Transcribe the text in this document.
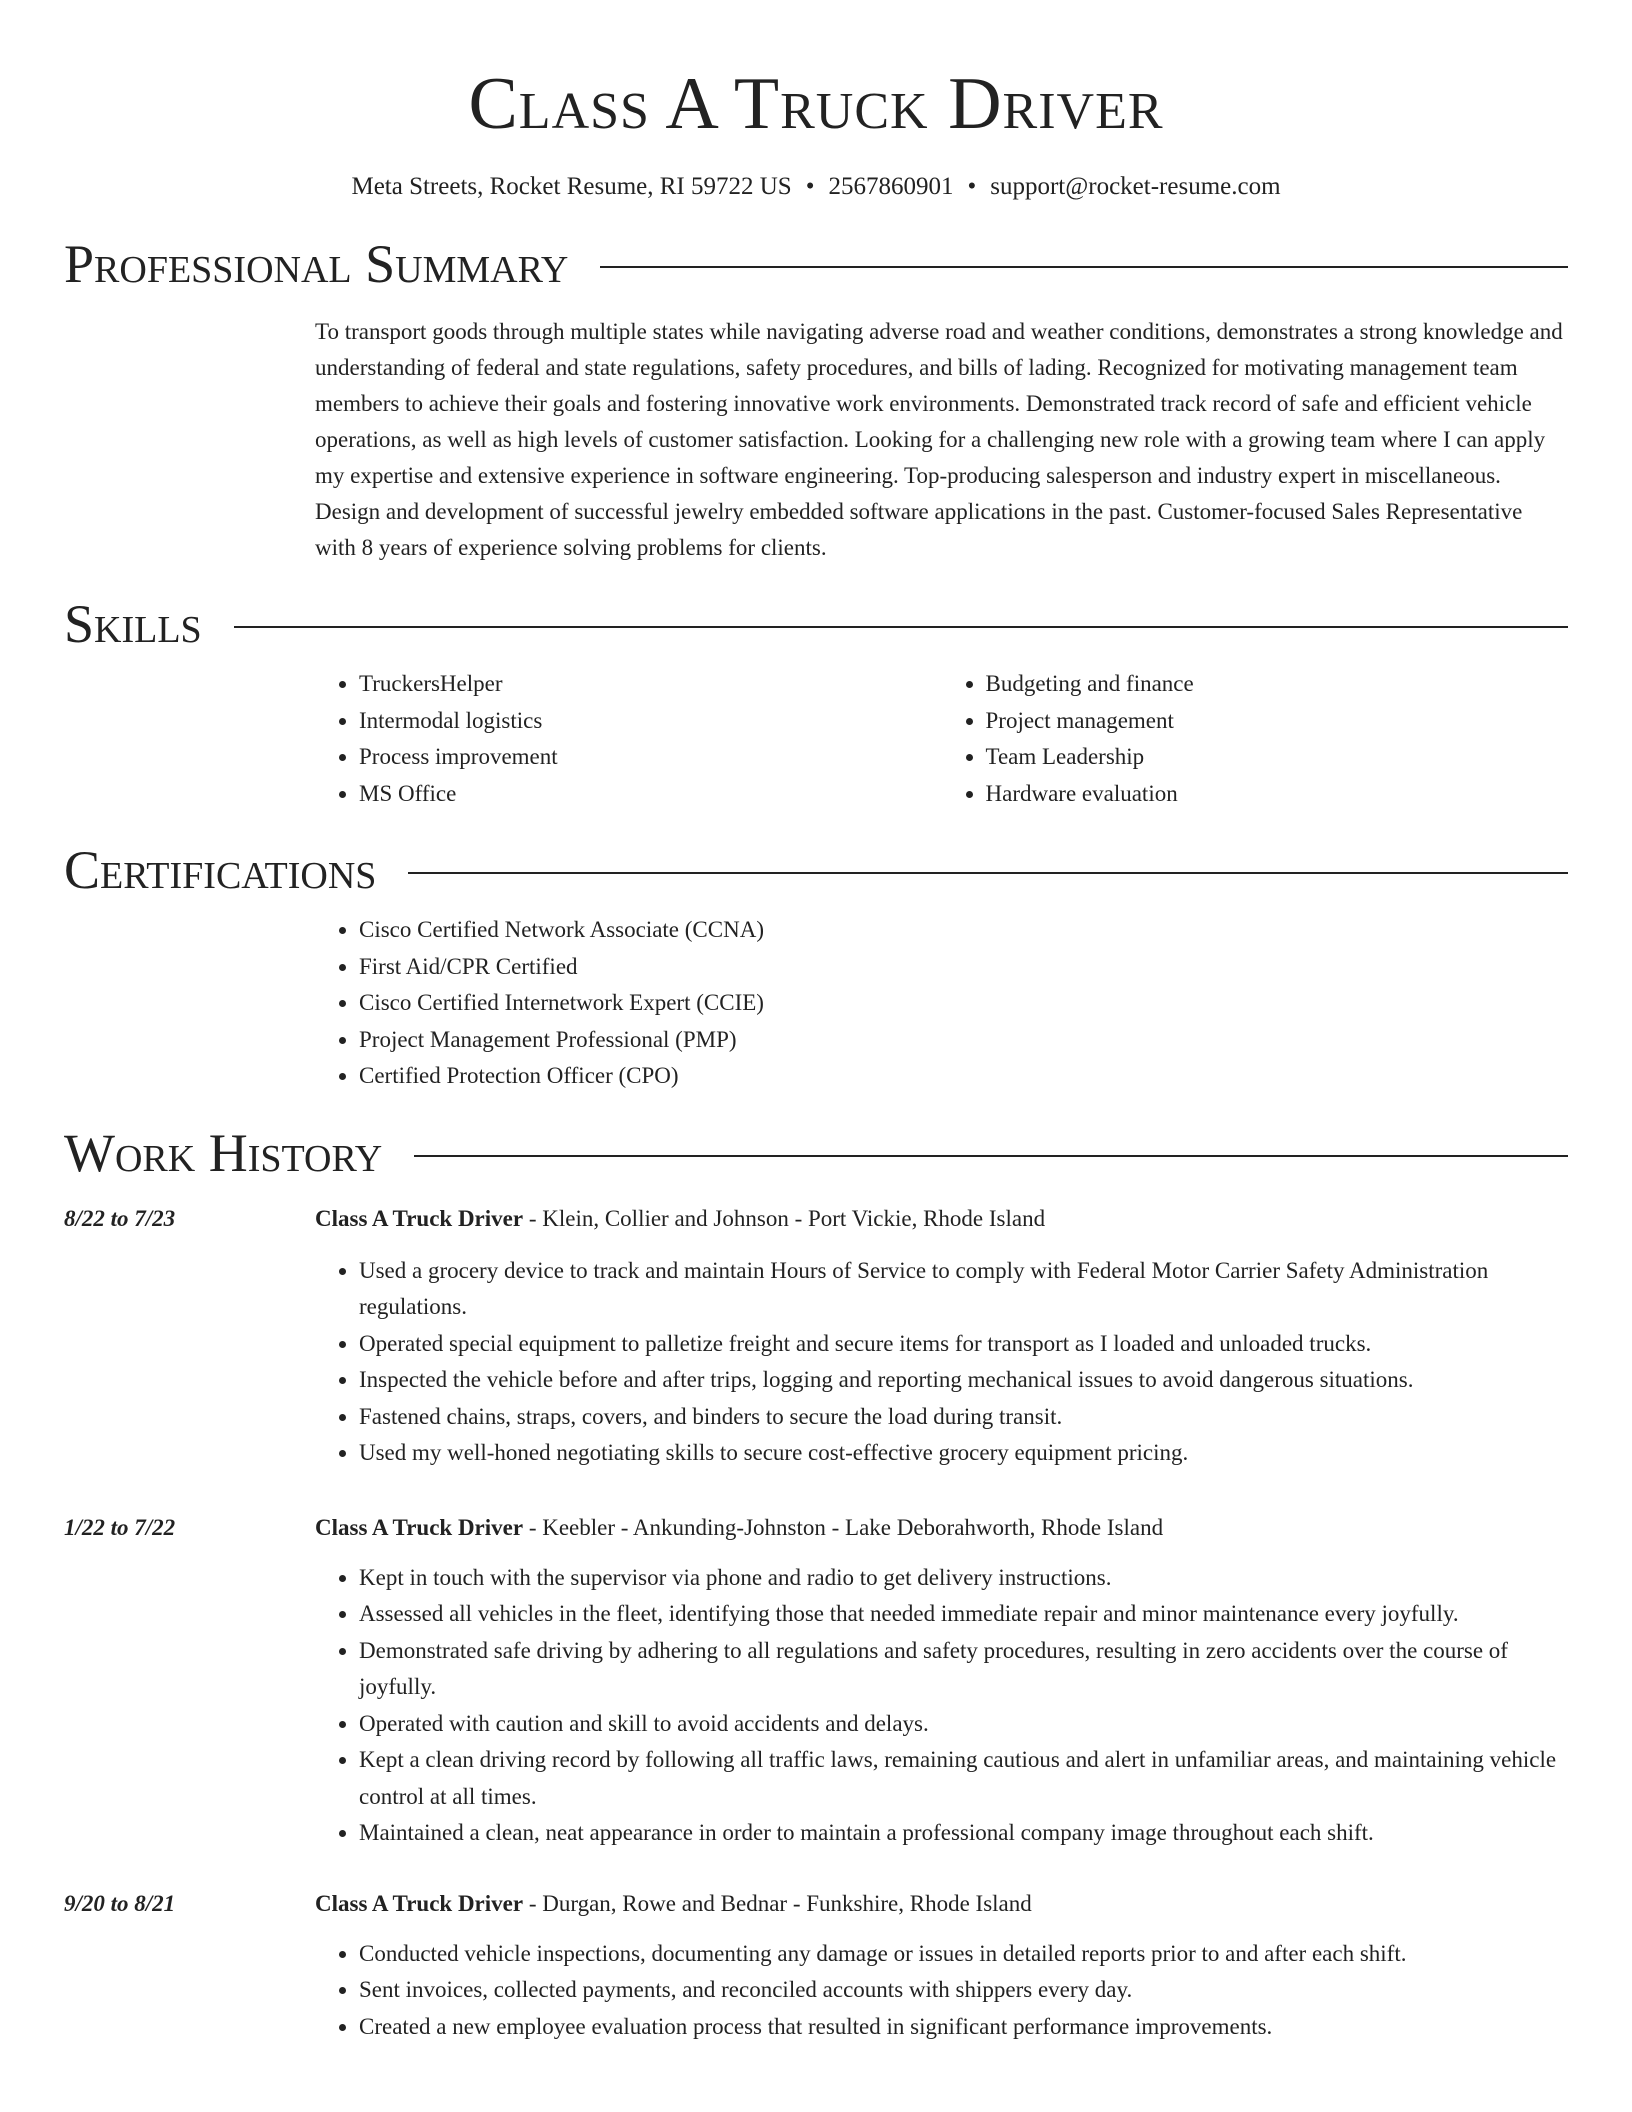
Class A Truck Driver
Meta Streets, Rocket Resume, RI 59722 US • 2567860901 • support@rocket-resume.com
Professional Summary
To transport goods through multiple states while navigating adverse road and weather conditions, demonstrates a strong knowledge and understanding of federal and state regulations, safety procedures, and bills of lading. Recognized for motivating management team members to achieve their goals and fostering innovative work environments. Demonstrated track record of safe and efficient vehicle operations, as well as high levels of customer satisfaction. Looking for a challenging new role with a growing team where I can apply my expertise and extensive experience in software engineering. Top-producing salesperson and industry expert in miscellaneous. Design and development of successful jewelry embedded software applications in the past. Customer-focused Sales Representative with 8 years of experience solving problems for clients.
Skills
• TruckersHelper
• Intermodal logistics
• Process improvement
• MS Office
• Budgeting and finance
• Project management
• Team Leadership
• Hardware evaluation
Certifications
• Cisco Certified Network Associate (CCNA)
• First Aid/CPR Certified
• Cisco Certified Internetwork Expert (CCIE)
• Project Management Professional (PMP)
• Certified Protection Officer (CPO)
Work History
8/22 to 7/23	Class A Truck Driver - Klein, Collier and Johnson - Port Vickie, Rhode Island
• Used a grocery device to track and maintain Hours of Service to comply with Federal Motor Carrier Safety Administration regulations.
• Operated special equipment to palletize freight and secure items for transport as I loaded and unloaded trucks.
• Inspected the vehicle before and after trips, logging and reporting mechanical issues to avoid dangerous situations.
• Fastened chains, straps, covers, and binders to secure the load during transit.
• Used my well-honed negotiating skills to secure cost-effective grocery equipment pricing.
1/22 to 7/22	Class A Truck Driver - Keebler - Ankunding-Johnston - Lake Deborahworth, Rhode Island
• Kept in touch with the supervisor via phone and radio to get delivery instructions.
• Assessed all vehicles in the fleet, identifying those that needed immediate repair and minor maintenance every joyfully.
• Demonstrated safe driving by adhering to all regulations and safety procedures, resulting in zero accidents over the course of joyfully.
• Operated with caution and skill to avoid accidents and delays.
• Kept a clean driving record by following all traffic laws, remaining cautious and alert in unfamiliar areas, and maintaining vehicle control at all times.
• Maintained a clean, neat appearance in order to maintain a professional company image throughout each shift.
9/20 to 8/21	Class A Truck Driver - Durgan, Rowe and Bednar - Funkshire, Rhode Island
• Conducted vehicle inspections, documenting any damage or issues in detailed reports prior to and after each shift.
• Sent invoices, collected payments, and reconciled accounts with shippers every day.
• Created a new employee evaluation process that resulted in significant performance improvements.
